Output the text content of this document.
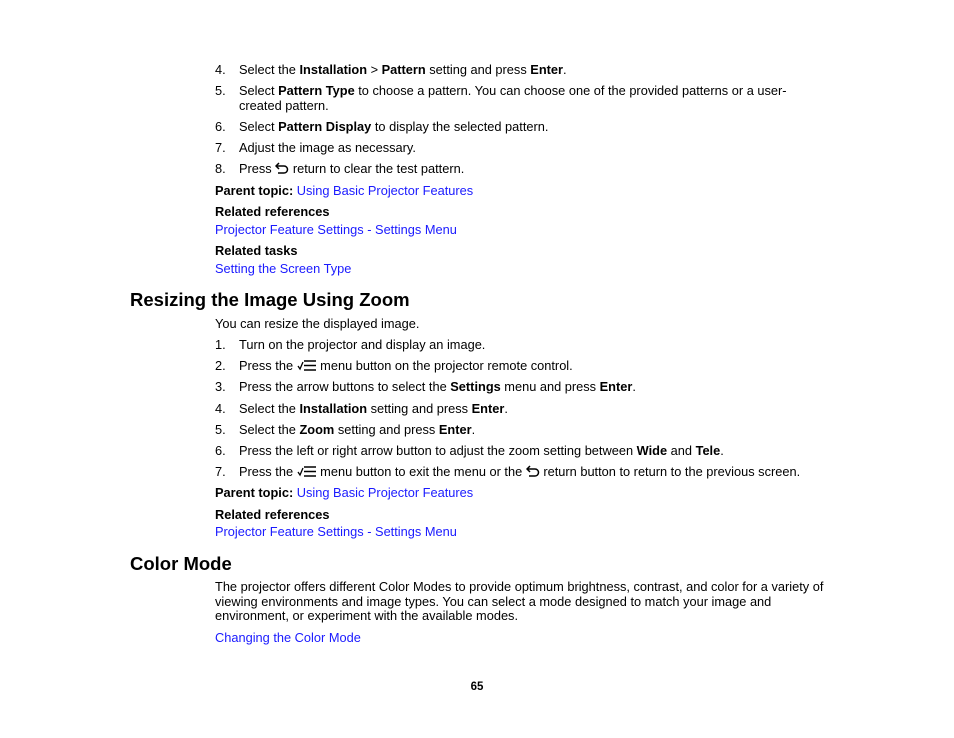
4. Select the Installation > Pattern setting and press Enter.
5. Select Pattern Type to choose a pattern. You can choose one of the provided patterns or a user-
created pattern.
6. Select Pattern Display to display the selected pattern.
7. Adjust the image as necessary.
8. Press  return to clear the test pattern.
Parent topic: Using Basic Projector Features
Related references
Projector Feature Settings - Settings Menu
Related tasks
Setting the Screen Type
Resizing the Image Using Zoom
You can resize the displayed image.
1. Turn on the projector and display an image.
2. Press the  menu button on the projector remote control.
3. Press the arrow buttons to select the Settings menu and press Enter.
4. Select the Installation setting and press Enter.
5. Select the Zoom setting and press Enter.
6. Press the left or right arrow button to adjust the zoom setting between Wide and Tele.
7. Press the  menu button to exit the menu or the  return button to return to the previous screen.
Parent topic: Using Basic Projector Features
Related references
Projector Feature Settings - Settings Menu
Color Mode
The projector offers different Color Modes to provide optimum brightness, contrast, and color for a variety of viewing environments and image types. You can select a mode designed to match your image and environment, or experiment with the available modes.
Changing the Color Mode
65
